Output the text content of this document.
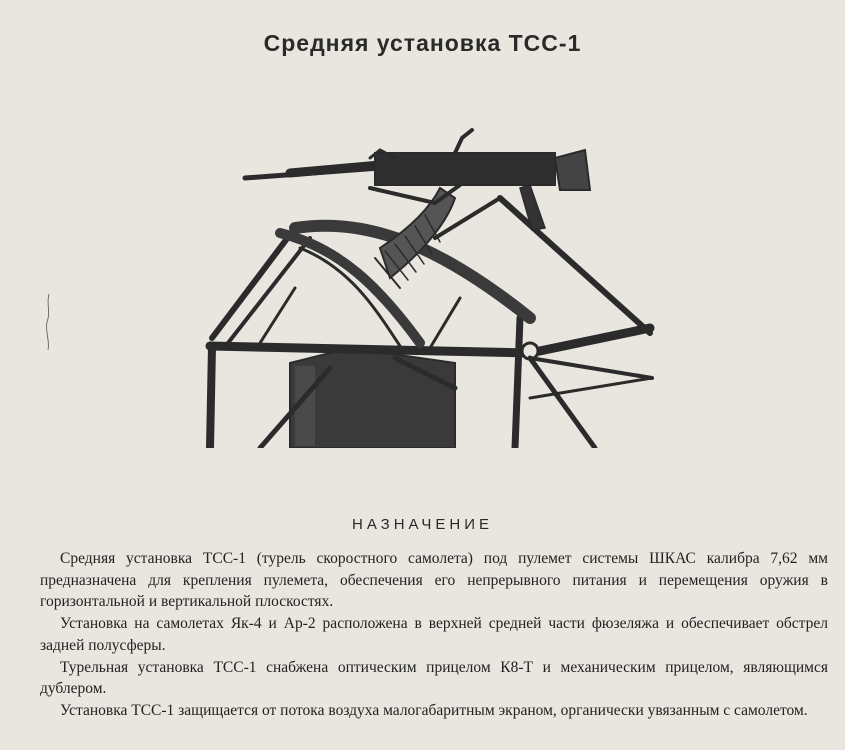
Средняя установка ТСС-1
НАЗНАЧЕНИЕ

Средняя установка ТСС-1 (турель скоростного самолета) под пулемет системы ШКАС калибра 7,62 мм предназначена для крепления пулемета, обеспечения его непрерывного питания и перемещения оружия в горизонтальной и вертикальной плоскостях.

Установка на самолетах Як-4 и Ар-2 расположена в верхней средней части фюзеляжа и обеспечивает обстрел задней полусферы.

Турельная установка ТСС-1 снабжена оптическим прицелом К8-Т и механическим прицелом, являющимся дублером.

Установка ТСС-1 защищается от потока воздуха малогабаритным экраном, органически увязанным с самолетом.
